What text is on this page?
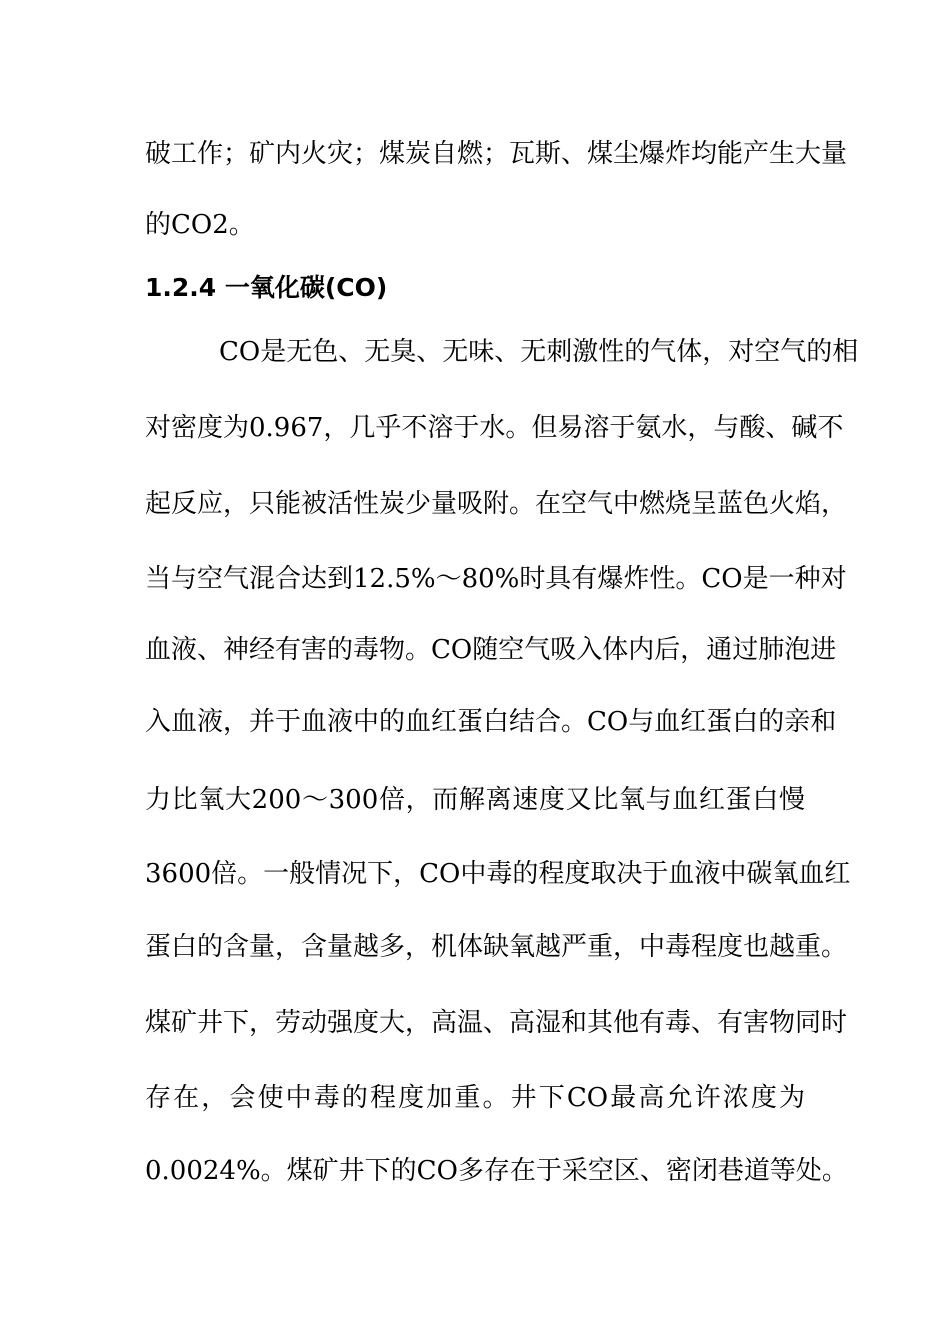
破工作；矿内火灾；煤炭自燃；瓦斯、煤尘爆炸均能产生大量
的CO2。
1.2.4 一氧化碳(CO)
CO是无色、无臭、无味、无刺激性的气体，对空气的相
对密度为0.967，几乎不溶于水。但易溶于氨水，与酸、碱不
起反应，只能被活性炭少量吸附。在空气中燃烧呈蓝色火焰，
当与空气混合达到12.5%～80%时具有爆炸性。CO是一种对
血液、神经有害的毒物。CO随空气吸入体内后，通过肺泡进
入血液，并于血液中的血红蛋白结合。CO与血红蛋白的亲和
力比氧大200～300倍，而解离速度又比氧与血红蛋白慢
3600倍。一般情况下，CO中毒的程度取决于血液中碳氧血红
蛋白的含量，含量越多，机体缺氧越严重，中毒程度也越重。
煤矿井下，劳动强度大，高温、高湿和其他有毒、有害物同时
存在，会使中毒的程度加重。井下CO最高允许浓度为
0.0024%。煤矿井下的CO多存在于采空区、密闭巷道等处。
